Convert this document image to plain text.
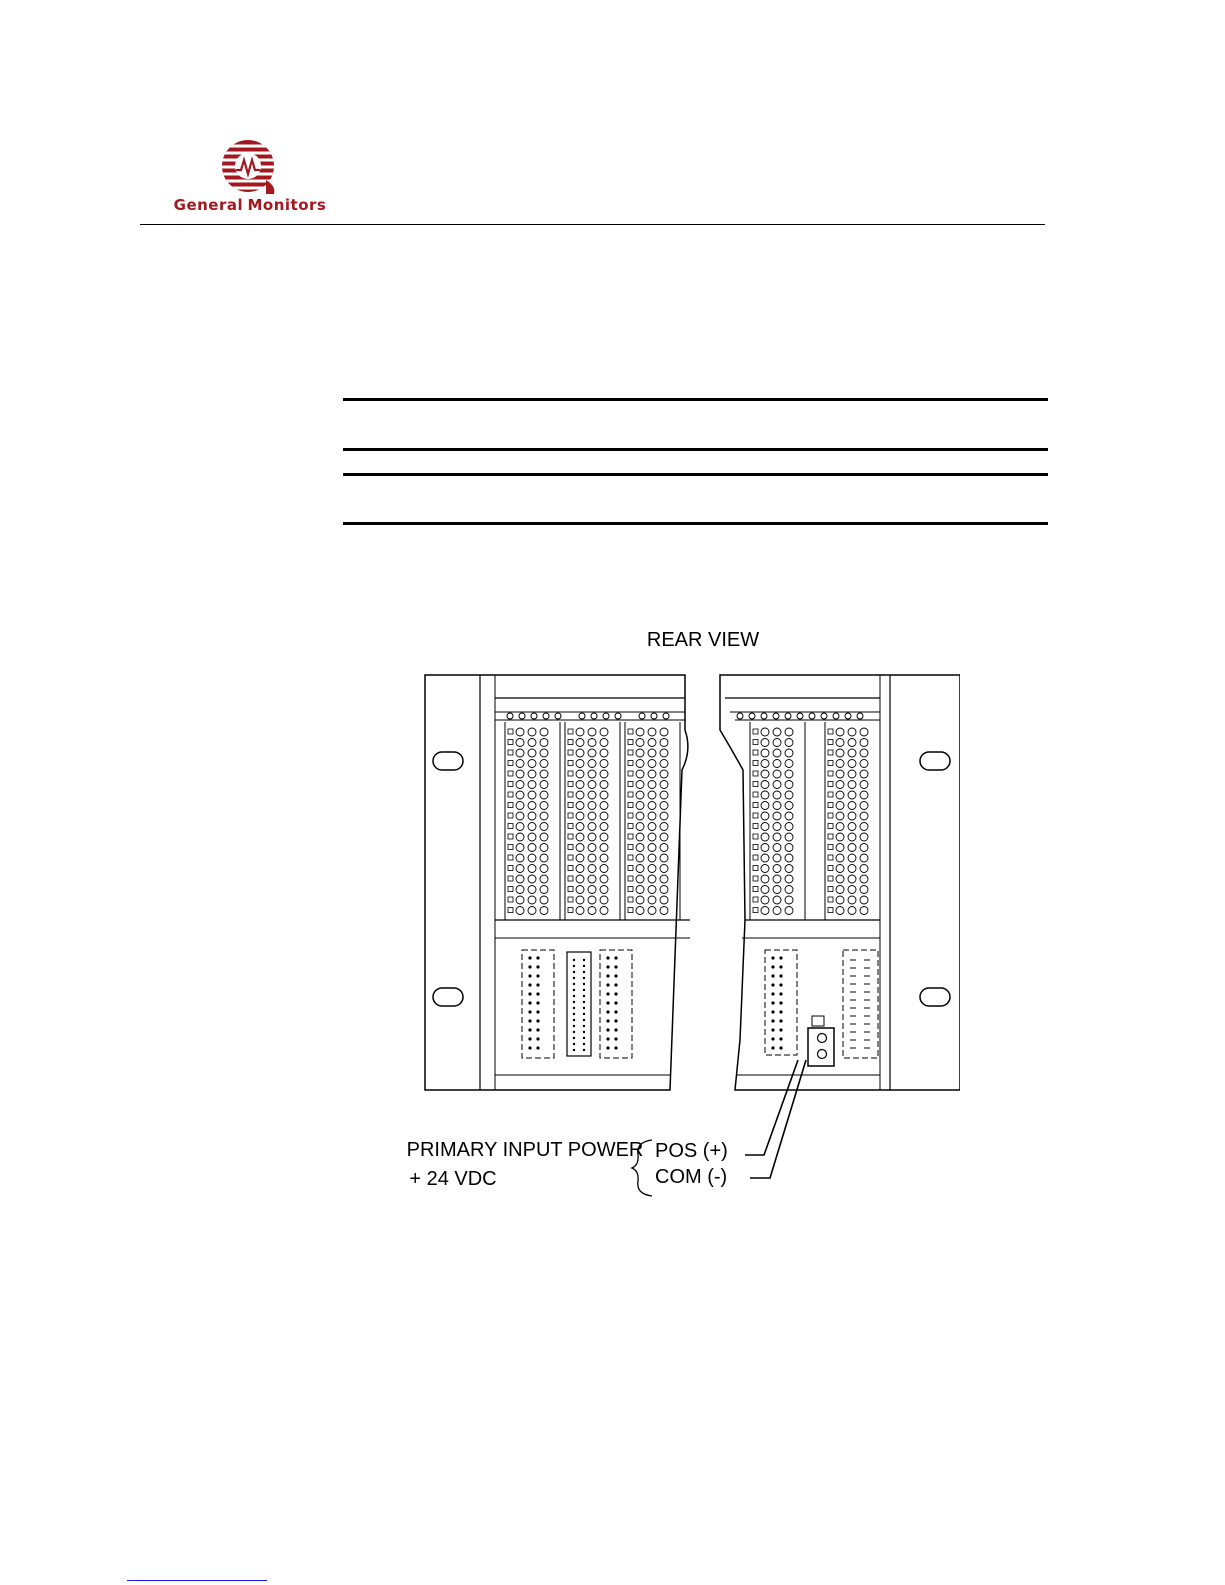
General Monitors
REAR VIEW
PRIMARY INPUT POWER
+ 24 VDC
POS (+)
COM (-)
